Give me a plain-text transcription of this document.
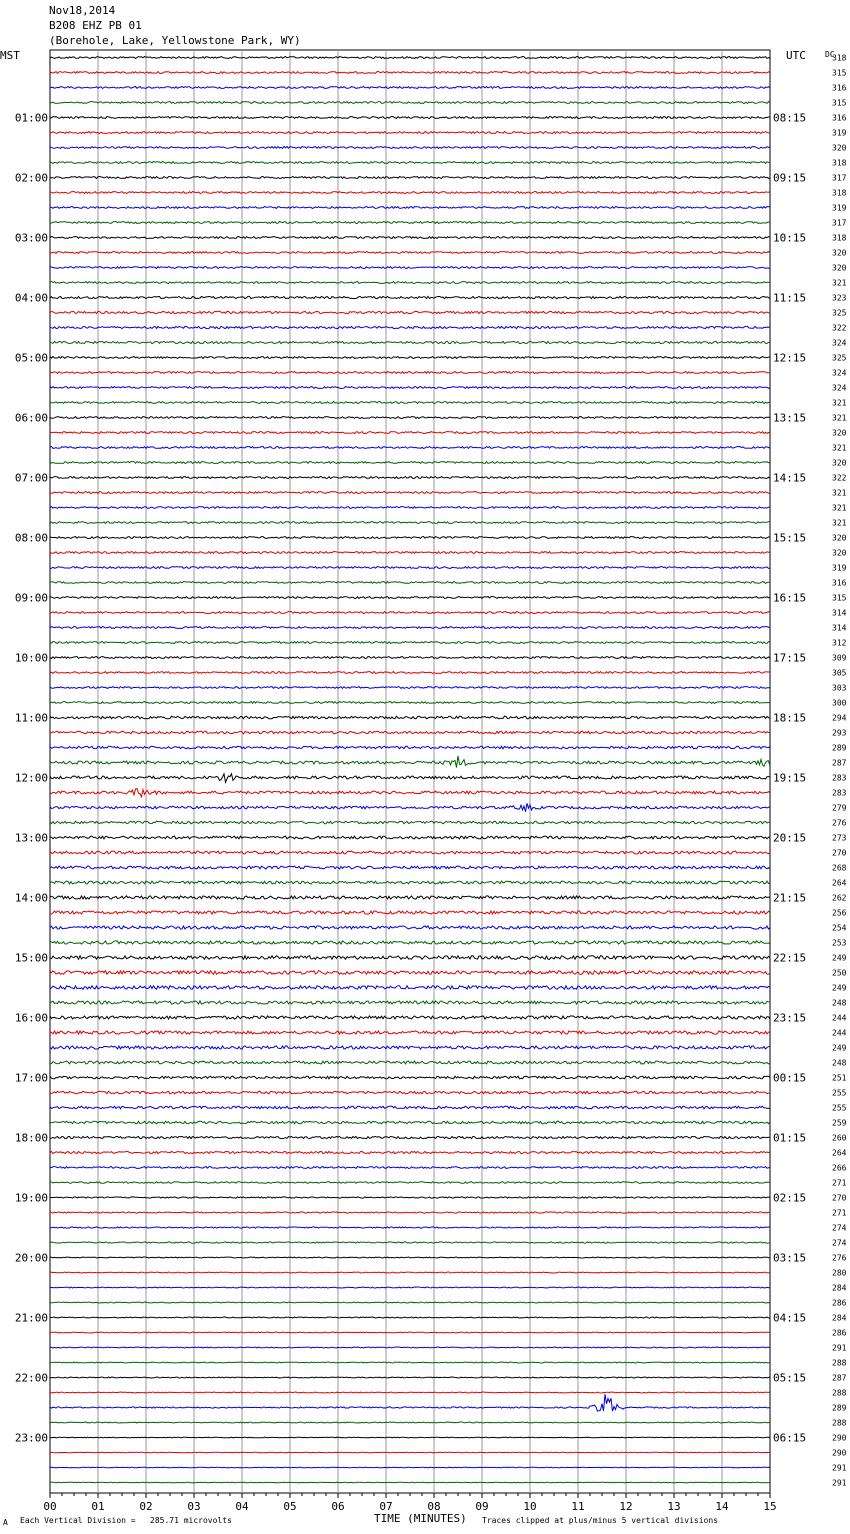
Nov18,2014
B208 EHZ PB 01
(Borehole, Lake, Yellowstone Park, WY)
MST	UTC DC
318
315
316
315
316
319
320
318
317
318
319
317
318
320
320
321
323
325
322
324
325
324
324
321
321
320
321
320
322
321
321
321
320
320
319
316
315
314
314
312
309
305
303
300
294
293
289
287
283
283
279
276
273
270
268
264
262
256
254
253
249
250
249
248
244
244
249
248
251
255
255
259
260
264
266
271
270
271
274
274
276
280
284
286
284
286
291
288
287
288
289
288
290
290
291
291
01:00
02:00
03:00
04:00
05:00
06:00
07:00
08:00
09:00
10:00
11:00
12:00
13:00
14:00
15:00
16:00
17:00
18:00
19:00
20:00
21:00
22:00
23:00
08:15
09:15
10:15
11:15
12:15
13:15
14:15
15:15
16:15
17:15
18:15
19:15
20:15
21:15
22:15
23:15
00:15
01:15
02:15
03:15
04:15
05:15
06:15
00	01	02	03	04	05	06	07	08	09	10	11	12	13	14	15
A Each Vertical Division = 285.71 microvolts	TIME (MINUTES) Traces clipped at plus/minus 5 vertical divisions
